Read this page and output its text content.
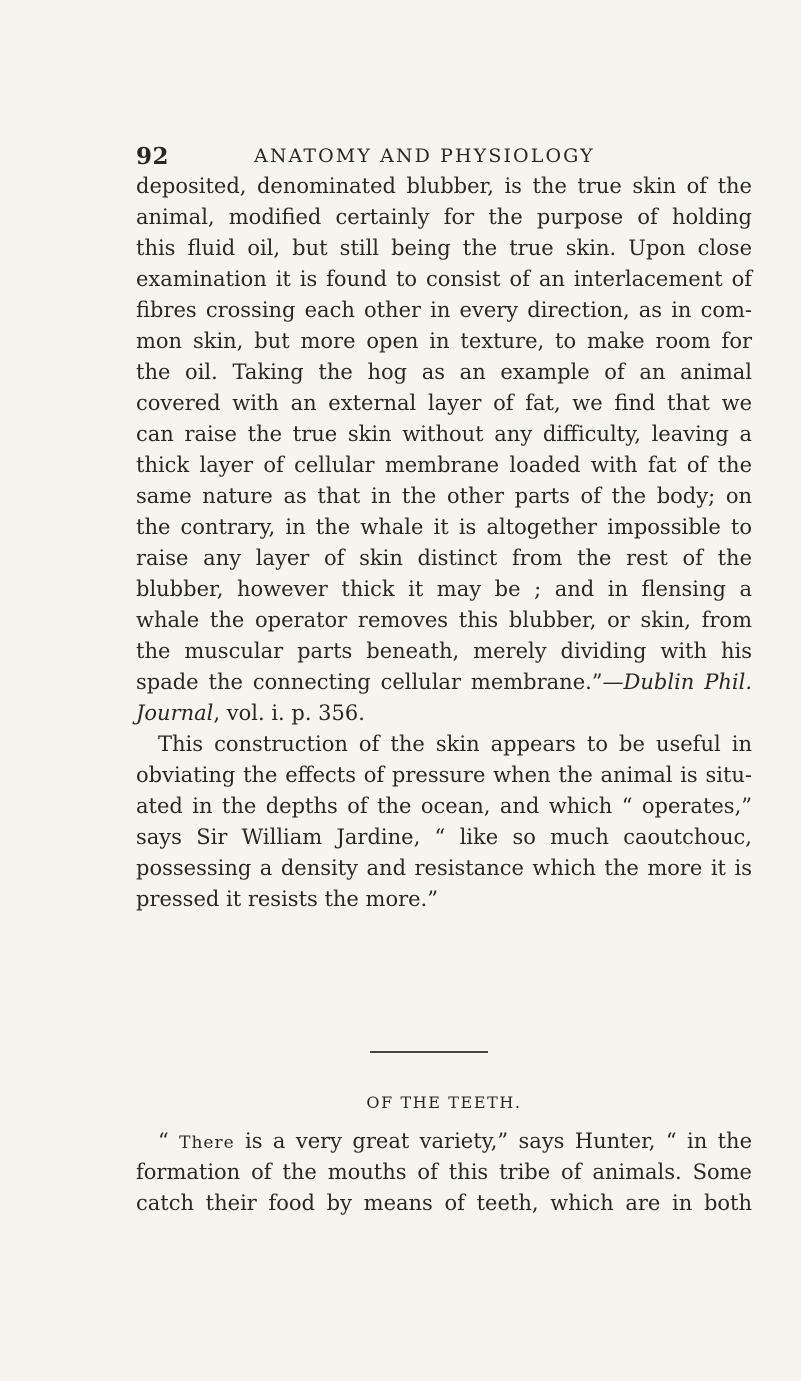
92	ANATOMY AND PHYSIOLOGY
deposited, denominated blubber, is the true skin of the
animal, modified certainly for the purpose of holding
this fluid oil, but still being the true skin. Upon close
examination it is found to consist of an interlacement of
fibres crossing each other in every direction, as in com-
mon skin, but more open in texture, to make room for
the oil. Taking the hog as an example of an animal
covered with an external layer of fat, we find that we
can raise the true skin without any difficulty, leaving a
thick layer of cellular membrane loaded with fat of the
same nature as that in the other parts of the body; on
the contrary, in the whale it is altogether impossible to
raise any layer of skin distinct from the rest of the
blubber, however thick it may be ; and in flensing a
whale the operator removes this blubber, or skin, from
the muscular parts beneath, merely dividing with his
spade the connecting cellular membrane.”—Dublin Phil.
Journal, vol. i. p. 356.
This construction of the skin appears to be useful in
obviating the effects of pressure when the animal is situ-
ated in the depths of the ocean, and which “ operates,”
says Sir William Jardine, “ like so much caoutchouc,
possessing a density and resistance which the more it is
pressed it resists the more.”
OF THE TEETH.
“ There is a very great variety,” says Hunter, “ in the
formation of the mouths of this tribe of animals. Some
catch their food by means of teeth, which are in both
